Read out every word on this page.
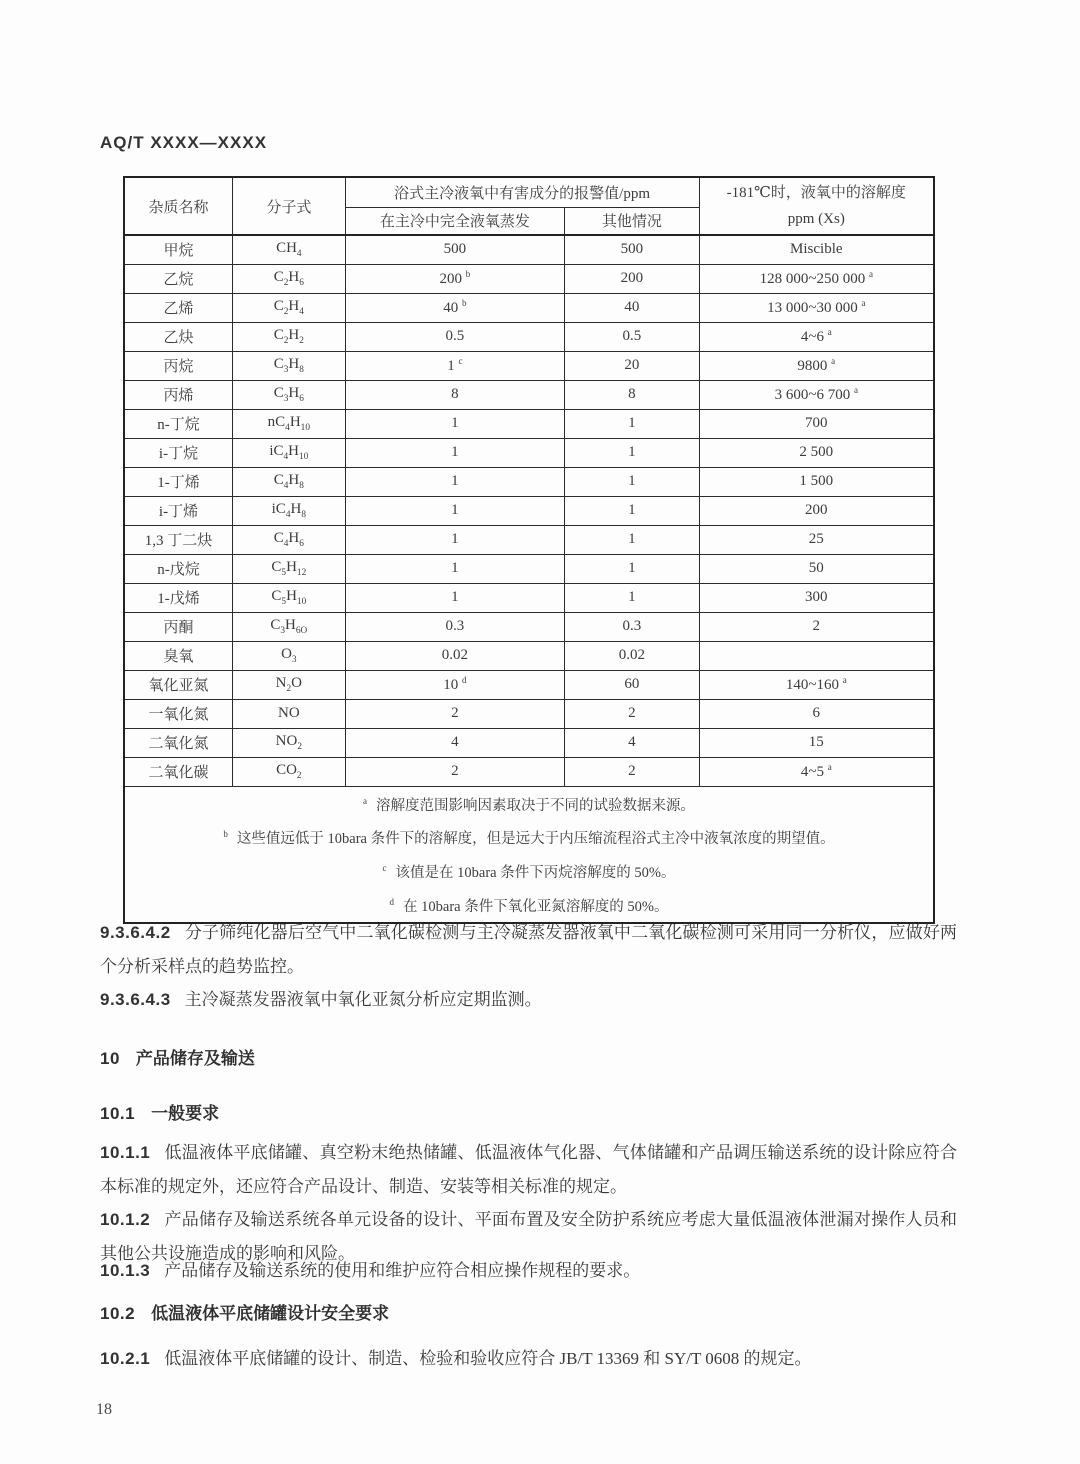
AQ/T XXXX—XXXX
杂质名称	分子式	浴式主冷液氧中有害成分的报警值/ppm		-181℃时，液氧中的溶解度
ppm (Xs)

		在主冷中完全液氧蒸发	其他情况	
甲烷	$CH_4$	500	500	Miscible
乙烷	$C_2H_6$	200 $^b$	200	128 000~250 000 $^a$
乙烯	$C_2H_4$	40 $^b$	40	13 000~30 000 $^a$
乙炔	$C_2H_2$	0.5	0.5	4~6 $^a$
丙烷	$C_3H_8$	1 $^c$	20	9800 $^a$
丙烯	$C_3H_6$	8	8	3 600~6 700 $^a$
n-丁烷	$nC_4H_{10}$	1	1	700
i-丁烷	$iC_4H_{10}$	1	1	2 500
1-丁烯	$C_4H_8$	1	1	1 500
i-丁烯	$iC_4H_8$	1	1	200
1,3 丁二炔	$C_4H_6$	1	1	25
n-戊烷	$C_5H_{12}$	1	1	50
1-戊烯	$C_5H_{10}$	1	1	300
丙酮	$C_3H_{6O}$	0.3	0.3	2
臭氧	$O_3$	0.02	0.02	
氧化亚氮	$N_2O$	10 $^d$	60	140~160 $^a$
一氧化氮	NO	2	2	6
二氧化氮	$NO_2$	4	4	15
二氧化碳	$CO_2$	2	2	4~5 $^a$

$^a$ 溶解度范围影响因素取决于不同的试验数据来源。
$^b$ 这些值远低于 10bara 条件下的溶解度，但是远大于内压缩流程浴式主冷中液氧浓度的期望值。
$^c$ 该值是在 10bara 条件下丙烷溶解度的 50%。
$^d$ 在 10bara 条件下氧化亚氮溶解度的 50%。				

9.3.6.4.2 分子筛纯化器后空气中二氧化碳检测与主冷凝蒸发器液氧中二氧化碳检测可采用同一分析仪，应做好两个分析采样点的趋势监控。

9.3.6.4.3 主冷凝蒸发器液氧中氧化亚氮分析应定期监测。

10 产品储存及输送

10.1 一般要求

10.1.1 低温液体平底储罐、真空粉末绝热储罐、低温液体气化器、气体储罐和产品调压输送系统的设计除应符合本标准的规定外，还应符合产品设计、制造、安装等相关标准的规定。

10.1.2 产品储存及输送系统各单元设备的设计、平面布置及安全防护系统应考虑大量低温液体泄漏对操作人员和其他公共设施造成的影响和风险。

10.1.3 产品储存及输送系统的使用和维护应符合相应操作规程的要求。

10.2 低温液体平底储罐设计安全要求

10.2.1 低温液体平底储罐的设计、制造、检验和验收应符合 JB/T 13369 和 SY/T 0608 的规定。

18
